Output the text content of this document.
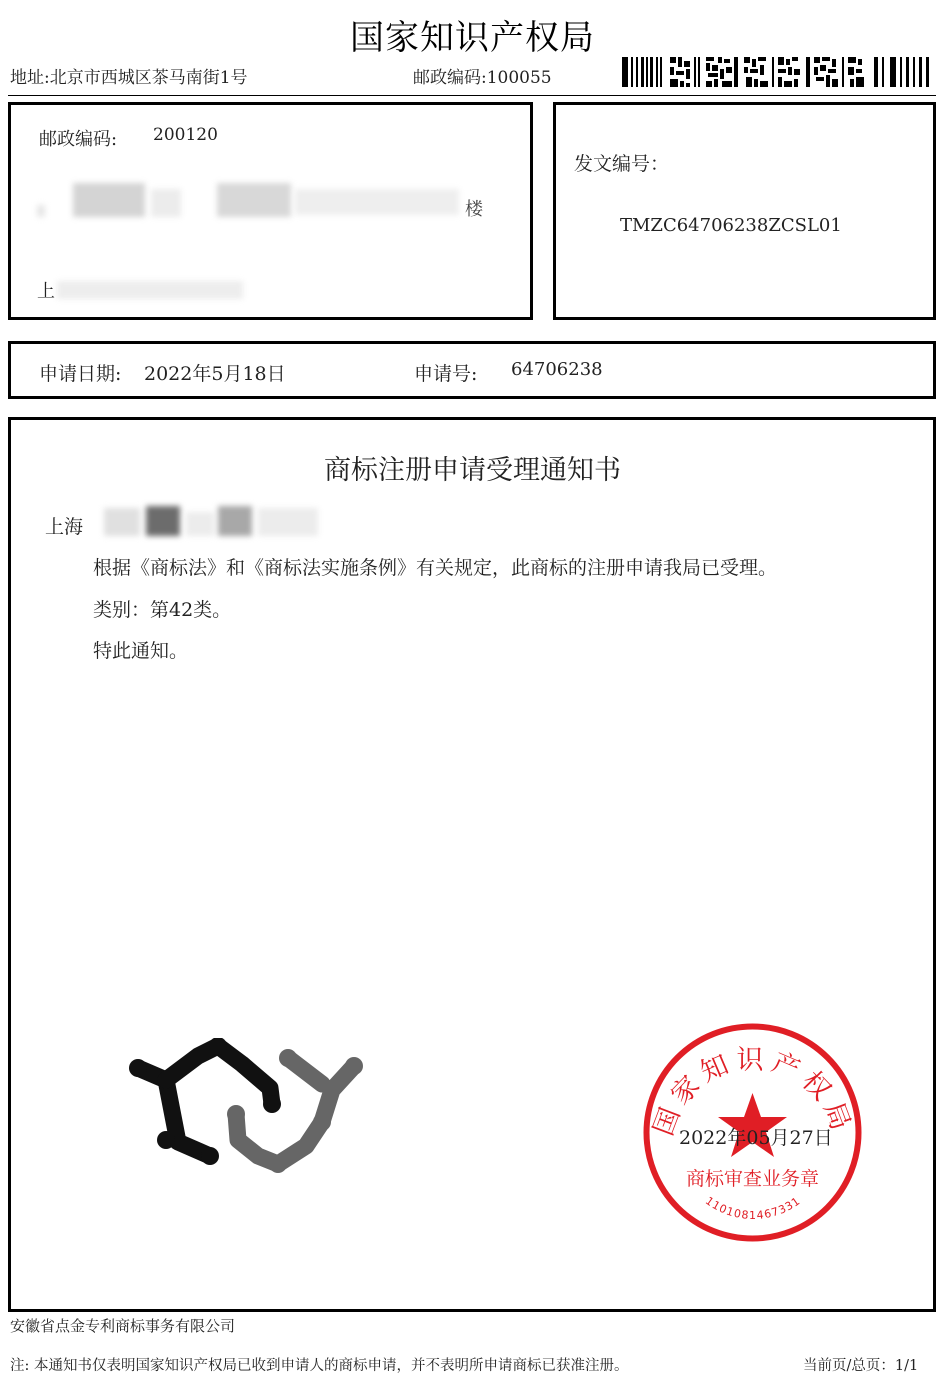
国家知识产权局
地址:北京市西城区茶马南街1号	邮政编码:100055
邮政编码: 200120
楼
上
发文编号：
TMZC64706238ZCSL01
申请日期: 2022年5月18日	申请号: 64706238
商标注册申请受理通知书
上海
根据《商标法》和《商标法实施条例》有关规定，此商标的注册申请我局已受理。
类别：第42类。
特此通知。
国家知识产权局
商标审查业务章
1101081467331
2022年05月27日
安徽省点金专利商标事务有限公司
注: 本通知书仅表明国家知识产权局已收到申请人的商标申请，并不表明所申请商标已获准注册。	当前页/总页：1/1
